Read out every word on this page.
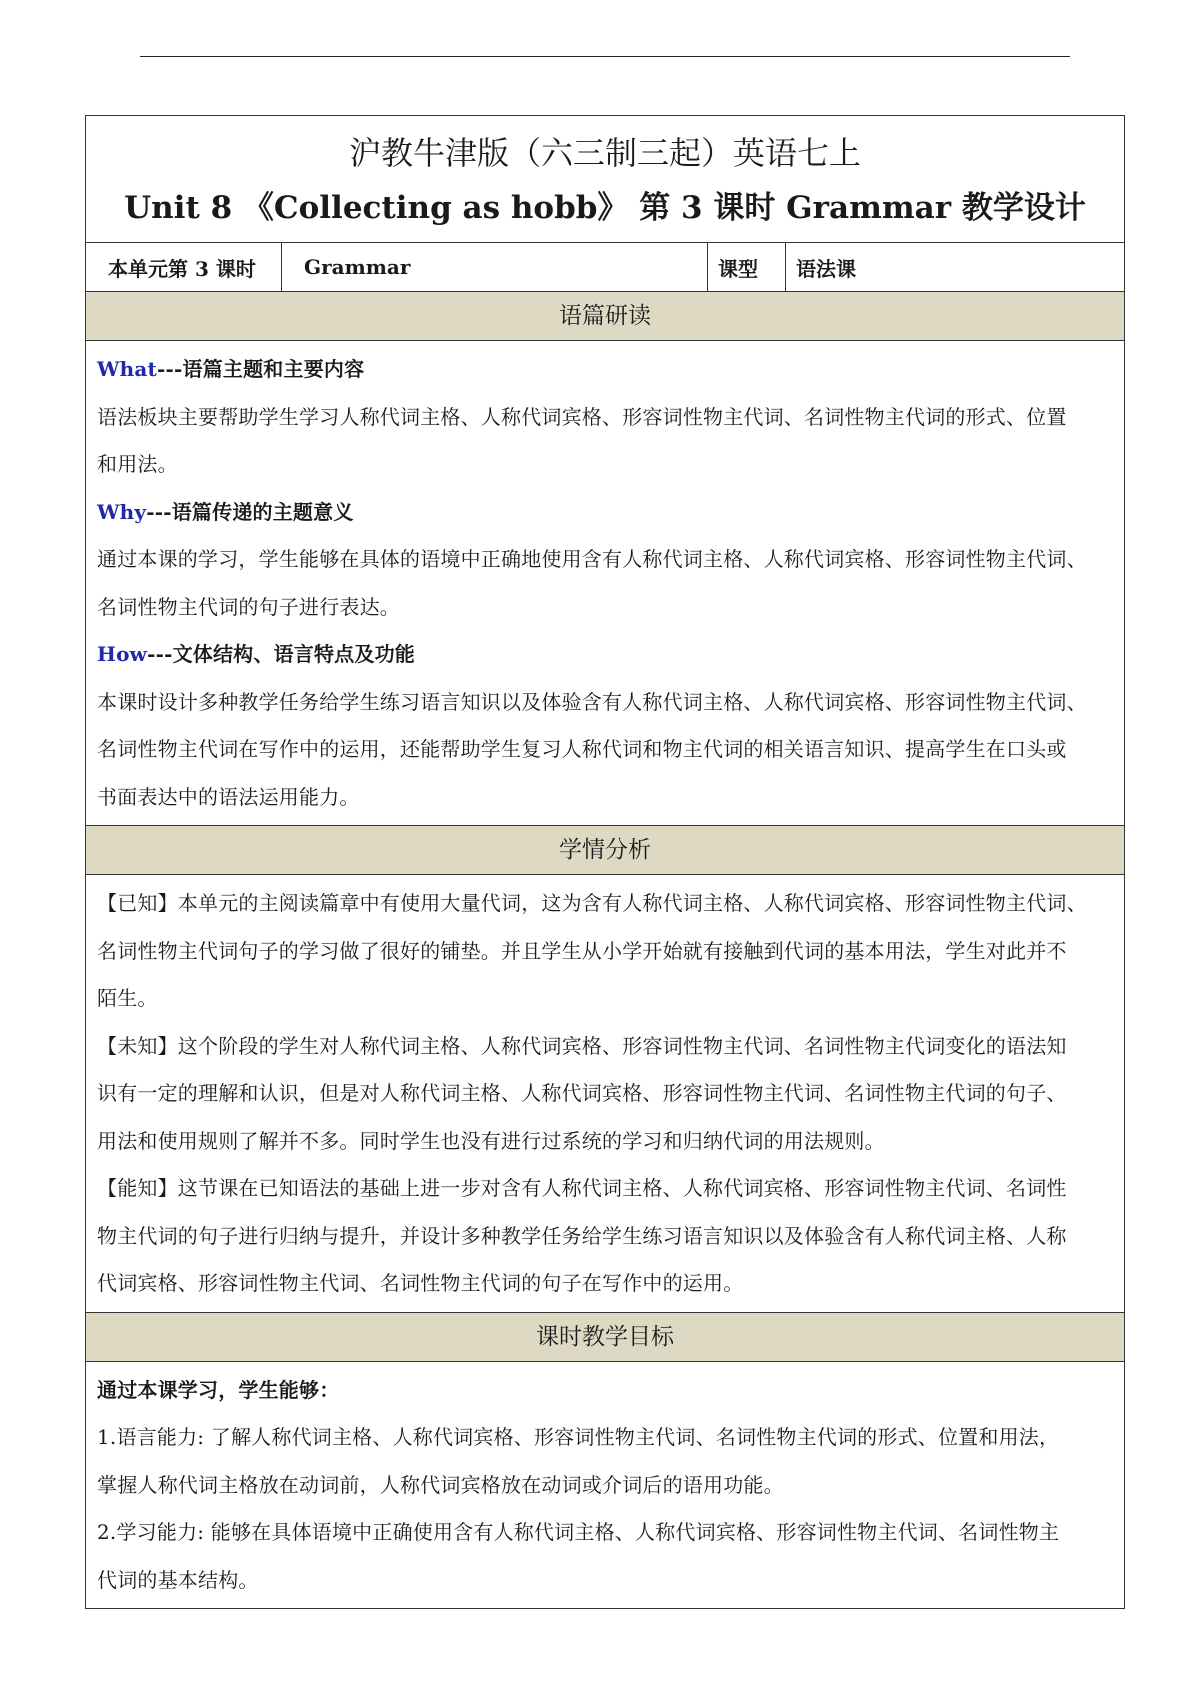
沪教牛津版（六三制三起）英语七上
Unit 8 《Collecting as hobb》 第 3 课时 Grammar 教学设计
本单元第 3 课时	Grammar	课型	语法课
语篇研读
What---语篇主题和主要内容
语法板块主要帮助学生学习人称代词主格、人称代词宾格、形容词性物主代词、名词性物主代词的形式、位置
和用法。
Why---语篇传递的主题意义
通过本课的学习，学生能够在具体的语境中正确地使用含有人称代词主格、人称代词宾格、形容词性物主代词、
名词性物主代词的句子进行表达。
How---文体结构、语言特点及功能
本课时设计多种教学任务给学生练习语言知识以及体验含有人称代词主格、人称代词宾格、形容词性物主代词、
名词性物主代词在写作中的运用，还能帮助学生复习人称代词和物主代词的相关语言知识、提高学生在口头或
书面表达中的语法运用能力。
学情分析
【已知】本单元的主阅读篇章中有使用大量代词，这为含有人称代词主格、人称代词宾格、形容词性物主代词、
名词性物主代词句子的学习做了很好的铺垫。并且学生从小学开始就有接触到代词的基本用法，学生对此并不
陌生。
【未知】这个阶段的学生对人称代词主格、人称代词宾格、形容词性物主代词、名词性物主代词变化的语法知
识有一定的理解和认识，但是对人称代词主格、人称代词宾格、形容词性物主代词、名词性物主代词的句子、
用法和使用规则了解并不多。同时学生也没有进行过系统的学习和归纳代词的用法规则。
【能知】这节课在已知语法的基础上进一步对含有人称代词主格、人称代词宾格、形容词性物主代词、名词性
物主代词的句子进行归纳与提升，并设计多种教学任务给学生练习语言知识以及体验含有人称代词主格、人称
代词宾格、形容词性物主代词、名词性物主代词的句子在写作中的运用。
课时教学目标
通过本课学习，学生能够：
1.语言能力: 了解人称代词主格、人称代词宾格、形容词性物主代词、名词性物主代词的形式、位置和用法，
掌握人称代词主格放在动词前，人称代词宾格放在动词或介词后的语用功能。
2.学习能力: 能够在具体语境中正确使用含有人称代词主格、人称代词宾格、形容词性物主代词、名词性物主
代词的基本结构。
